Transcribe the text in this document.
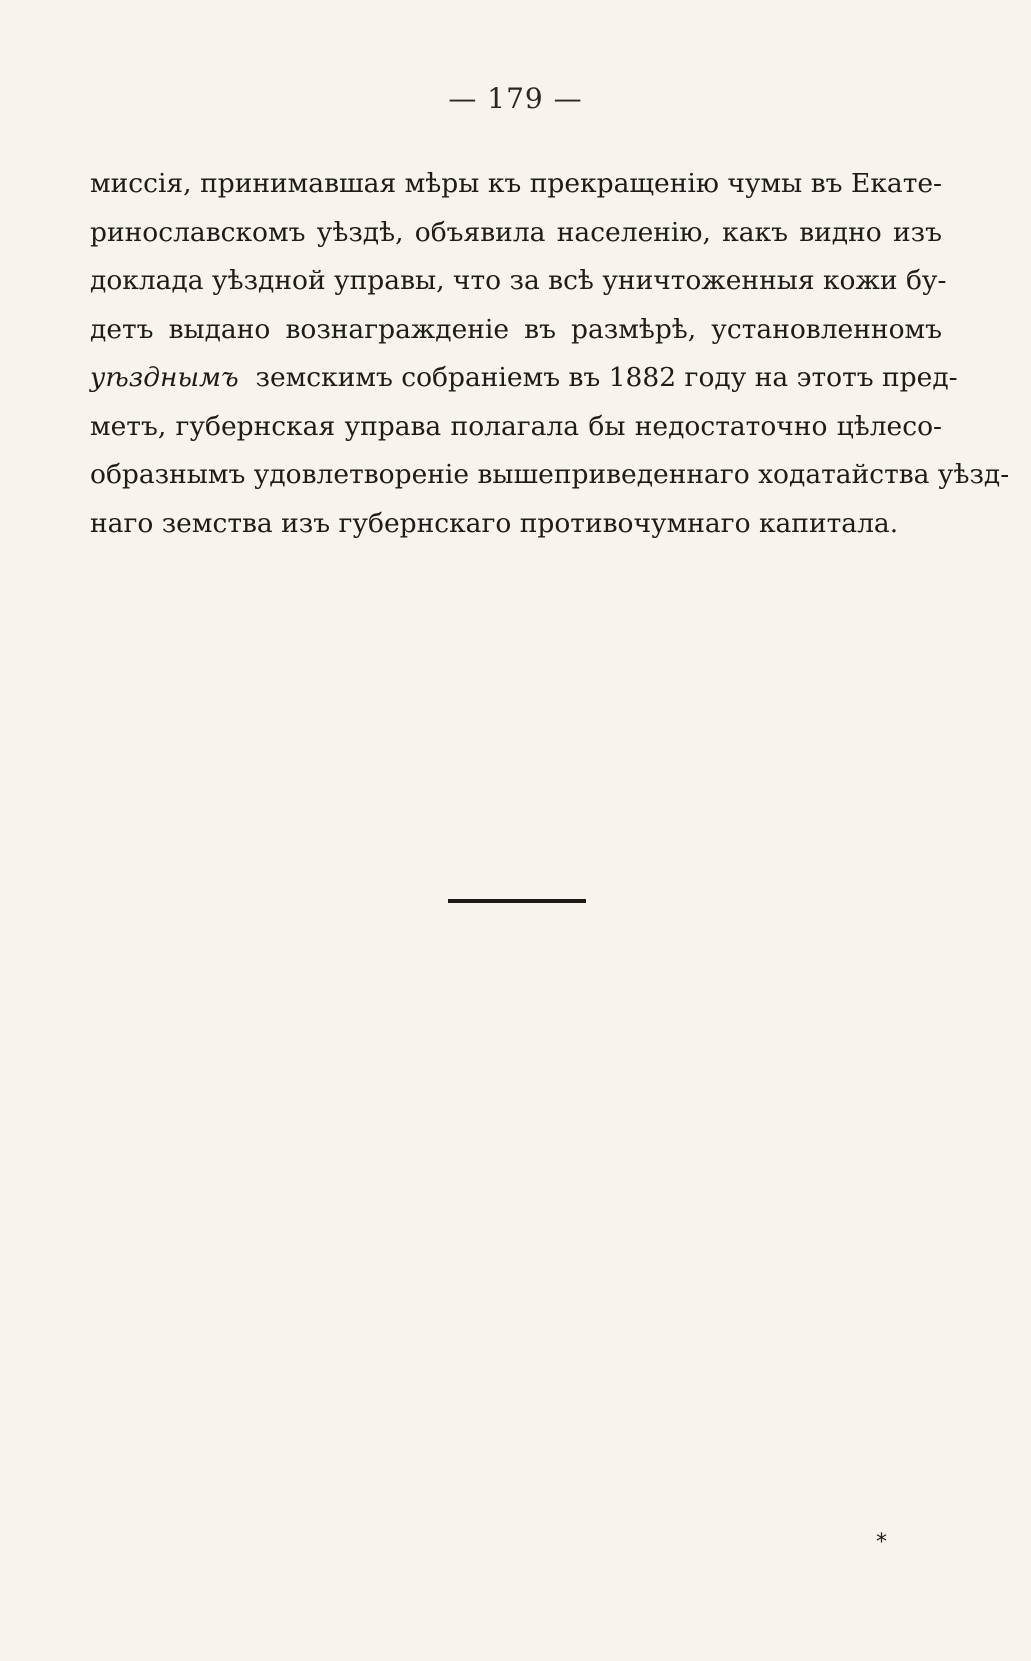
— 179 —
миссія, принимавшая мѣры къ прекращенію чумы въ Екате-
ринославскомъ уѣздѣ, объявила населенію, какъ видно изъ
доклада уѣздной управы, что за всѣ уничтоженныя кожи бу-
детъ выдано вознагражденіе въ размѣрѣ, установленномъ
уѣзднымъ земскимъ собраніемъ въ 1882 году на этотъ пред-
метъ, губернская управа полагала бы недостаточно цѣлесо-
образнымъ удовлетвореніе вышеприведеннаго ходатайства уѣзд-
наго земства изъ губернскаго противочумнаго капитала.
*
